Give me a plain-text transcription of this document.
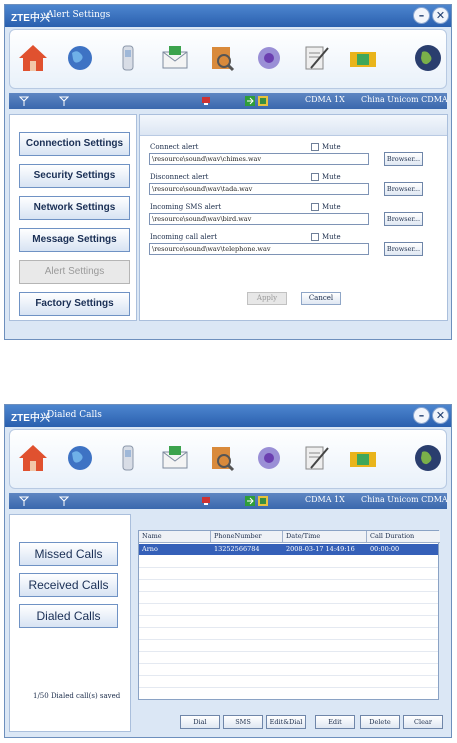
ZTE中兴
Alert Settings	–	✕
CDMA 1X China Unicom CDMA
Connection Settings
Security Settings
Network Settings
Message Settings
Alert Settings
Factory Settings
Connect alert	Mute
\resource\sound\wav\chimes.wav	Browser...
Disconnect alert	Mute
\resource\sound\wav\tada.wav	Browser...
Incoming SMS alert	Mute
\resource\sound\wav\bird.wav	Browser...
Incoming call alert	Mute
\resource\sound\wav\telephone.wav	Browser...
Apply	Cancel
ZTE中兴
Dialed Calls	–	✕
CDMA 1X China Unicom CDMA
Missed Calls
Received Calls
Dialed Calls
1/50 Dialed call(s) saved
Name	PhoneNumber	Date/Time	Call Duration
Arno	13252566784	2008-03-17 14:49:16	00:00:00
Dial	SMS	Edit&Dial	Edit	Delete	Clear
